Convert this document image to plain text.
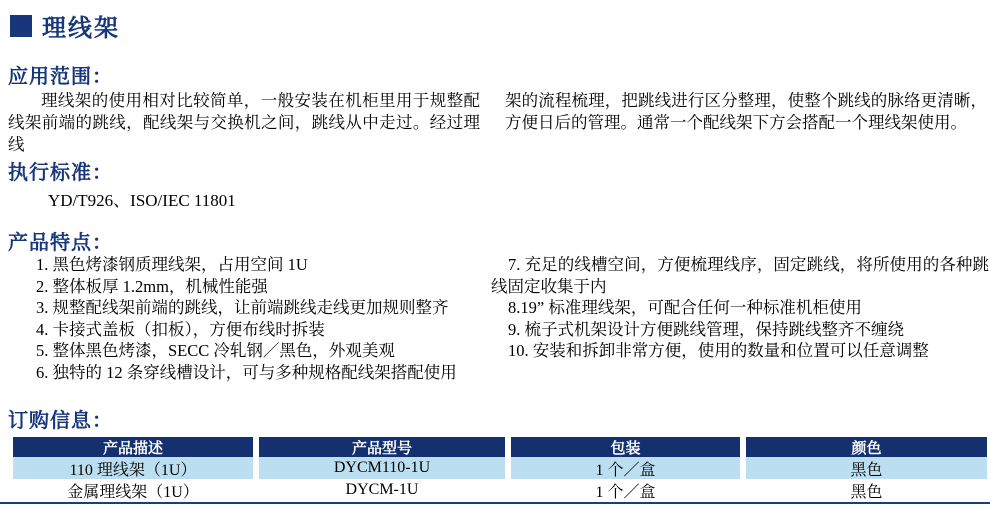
理线架
应用范围：
理线架的使用相对比较简单，一般安装在机柜里用于规整配线架前端的跳线，配线架与交换机之间，跳线从中走过。经过理线
架的流程梳理，把跳线进行区分整理，使整个跳线的脉络更清晰，方便日后的管理。通常一个配线架下方会搭配一个理线架使用。
执行标准：
YD/T926、ISO/IEC 11801
产品特点：
1. 黑色烤漆钢质理线架，占用空间 1U
2. 整体板厚 1.2mm，机械性能强
3. 规整配线架前端的跳线，让前端跳线走线更加规则整齐
4. 卡接式盖板（扣板），方便布线时拆装
5. 整体黑色烤漆，SECC 冷轧钢／黑色，外观美观
6. 独特的 12 条穿线槽设计，可与多种规格配线架搭配使用
7. 充足的线槽空间，方便梳理线序，固定跳线，将所使用的各种跳线固定收集于内
8.19” 标准理线架，可配合任何一种标准机柜使用
9. 梳子式机架设计方便跳线管理，保持跳线整齐不缠绕
10. 安装和拆卸非常方便，使用的数量和位置可以任意调整
订购信息：
产品描述	产品型号	包装	颜色
110 理线架（1U）	DYCM110-1U	1 个／盒	黑色
金属理线架（1U）	DYCM-1U	1 个／盒	黑色
